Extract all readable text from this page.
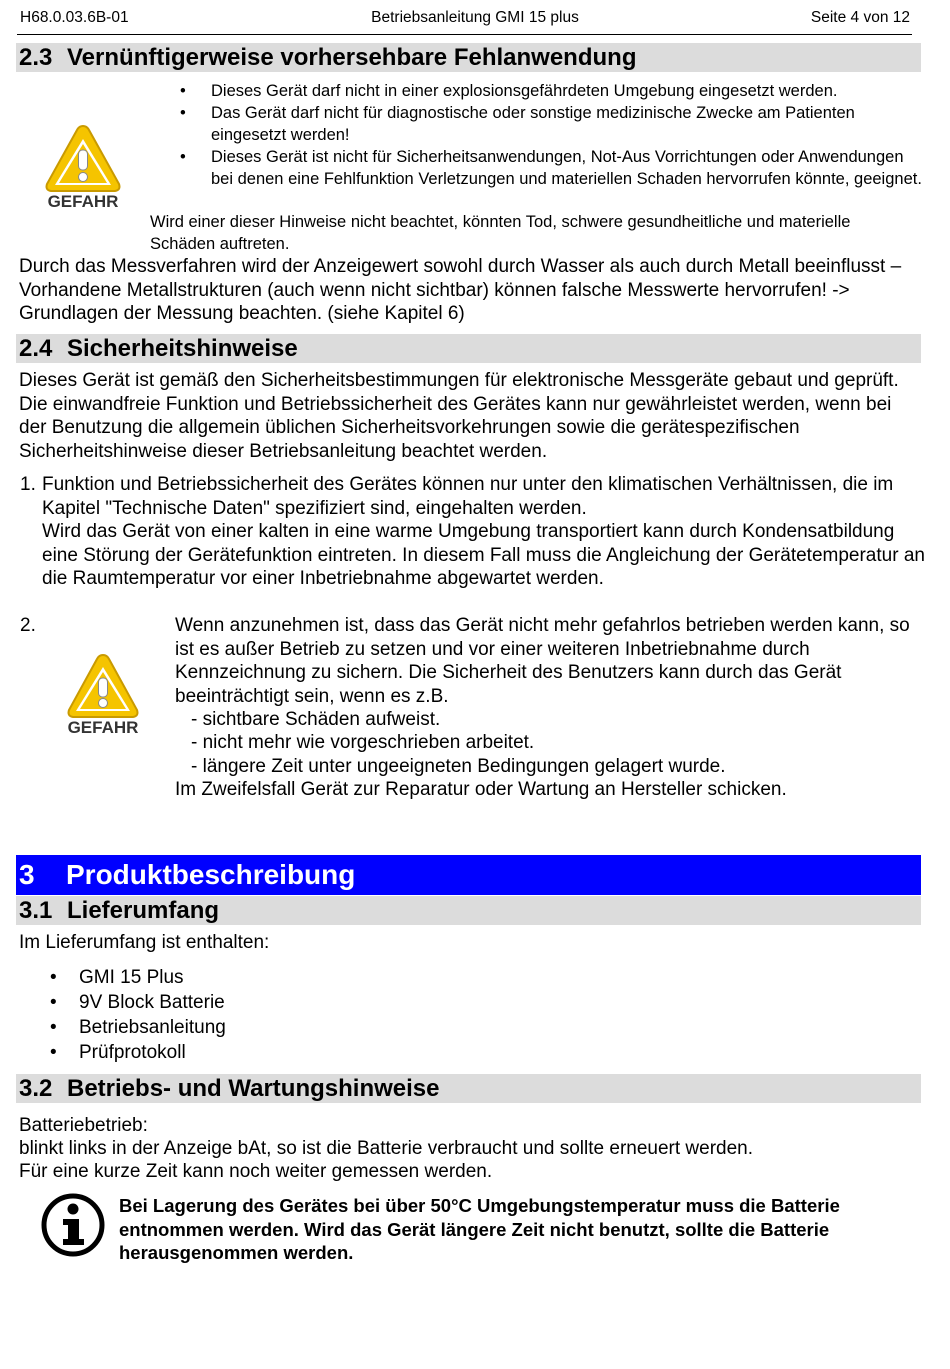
H68.0.03.6B-01	Betriebsanleitung GMI 15 plus	Seite 4 von 12
2.3 Vernünftigerweise vorhersehbare Fehlanwendung
GEFAHR
• Dieses Gerät darf nicht in einer explosionsgefährdeten Umgebung eingesetzt werden.
• Das Gerät darf nicht für diagnostische oder sonstige medizinische Zwecke am Patienten eingesetzt werden!
• Dieses Gerät ist nicht für Sicherheitsanwendungen, Not-Aus Vorrichtungen oder Anwendungen bei denen eine Fehlfunktion Verletzungen und materiellen Schaden hervorrufen könnte, geeignet.
Wird einer dieser Hinweise nicht beachtet, könnten Tod, schwere gesundheitliche und materielle Schäden auftreten.
Durch das Messverfahren wird der Anzeigewert sowohl durch Wasser als auch durch Metall beeinflusst – Vorhandene Metallstrukturen (auch wenn nicht sichtbar) können falsche Messwerte hervorrufen! -> Grundlagen der Messung beachten. (siehe Kapitel 6)
2.4 Sicherheitshinweise
Dieses Gerät ist gemäß den Sicherheitsbestimmungen für elektronische Messgeräte gebaut und geprüft. Die einwandfreie Funktion und Betriebssicherheit des Gerätes kann nur gewährleistet werden, wenn bei der Benutzung die allgemein üblichen Sicherheitsvorkehrungen sowie die gerätespezifischen Sicherheitshinweise dieser Betriebsanleitung beachtet werden.
1. Funktion und Betriebssicherheit des Gerätes können nur unter den klimatischen Verhältnissen, die im Kapitel "Technische Daten" spezifiziert sind, eingehalten werden.
Wird das Gerät von einer kalten in eine warme Umgebung transportiert kann durch Kondensatbildung eine Störung der Gerätefunktion eintreten. In diesem Fall muss die Angleichung der Gerätetemperatur an die Raumtemperatur vor einer Inbetriebnahme abgewartet werden.
2.
GEFAHR
Wenn anzunehmen ist, dass das Gerät nicht mehr gefahrlos betrieben werden kann, so ist es außer Betrieb zu setzen und vor einer weiteren Inbetriebnahme durch Kennzeichnung zu sichern. Die Sicherheit des Benutzers kann durch das Gerät beeinträchtigt sein, wenn es z.B.
- sichtbare Schäden aufweist.
- nicht mehr wie vorgeschrieben arbeitet.
- längere Zeit unter ungeeigneten Bedingungen gelagert wurde.
Im Zweifelsfall Gerät zur Reparatur oder Wartung an Hersteller schicken.
3 Produktbeschreibung
3.1 Lieferumfang
Im Lieferumfang ist enthalten:
• GMI 15 Plus
• 9V Block Batterie
• Betriebsanleitung
• Prüfprotokoll
3.2 Betriebs- und Wartungshinweise
Batteriebetrieb:
blinkt links in der Anzeige bAt, so ist die Batterie verbraucht und sollte erneuert werden.
Für eine kurze Zeit kann noch weiter gemessen werden.
Bei Lagerung des Gerätes bei über 50°C Umgebungstemperatur muss die Batterie entnommen werden. Wird das Gerät längere Zeit nicht benutzt, sollte die Batterie herausgenommen werden.
